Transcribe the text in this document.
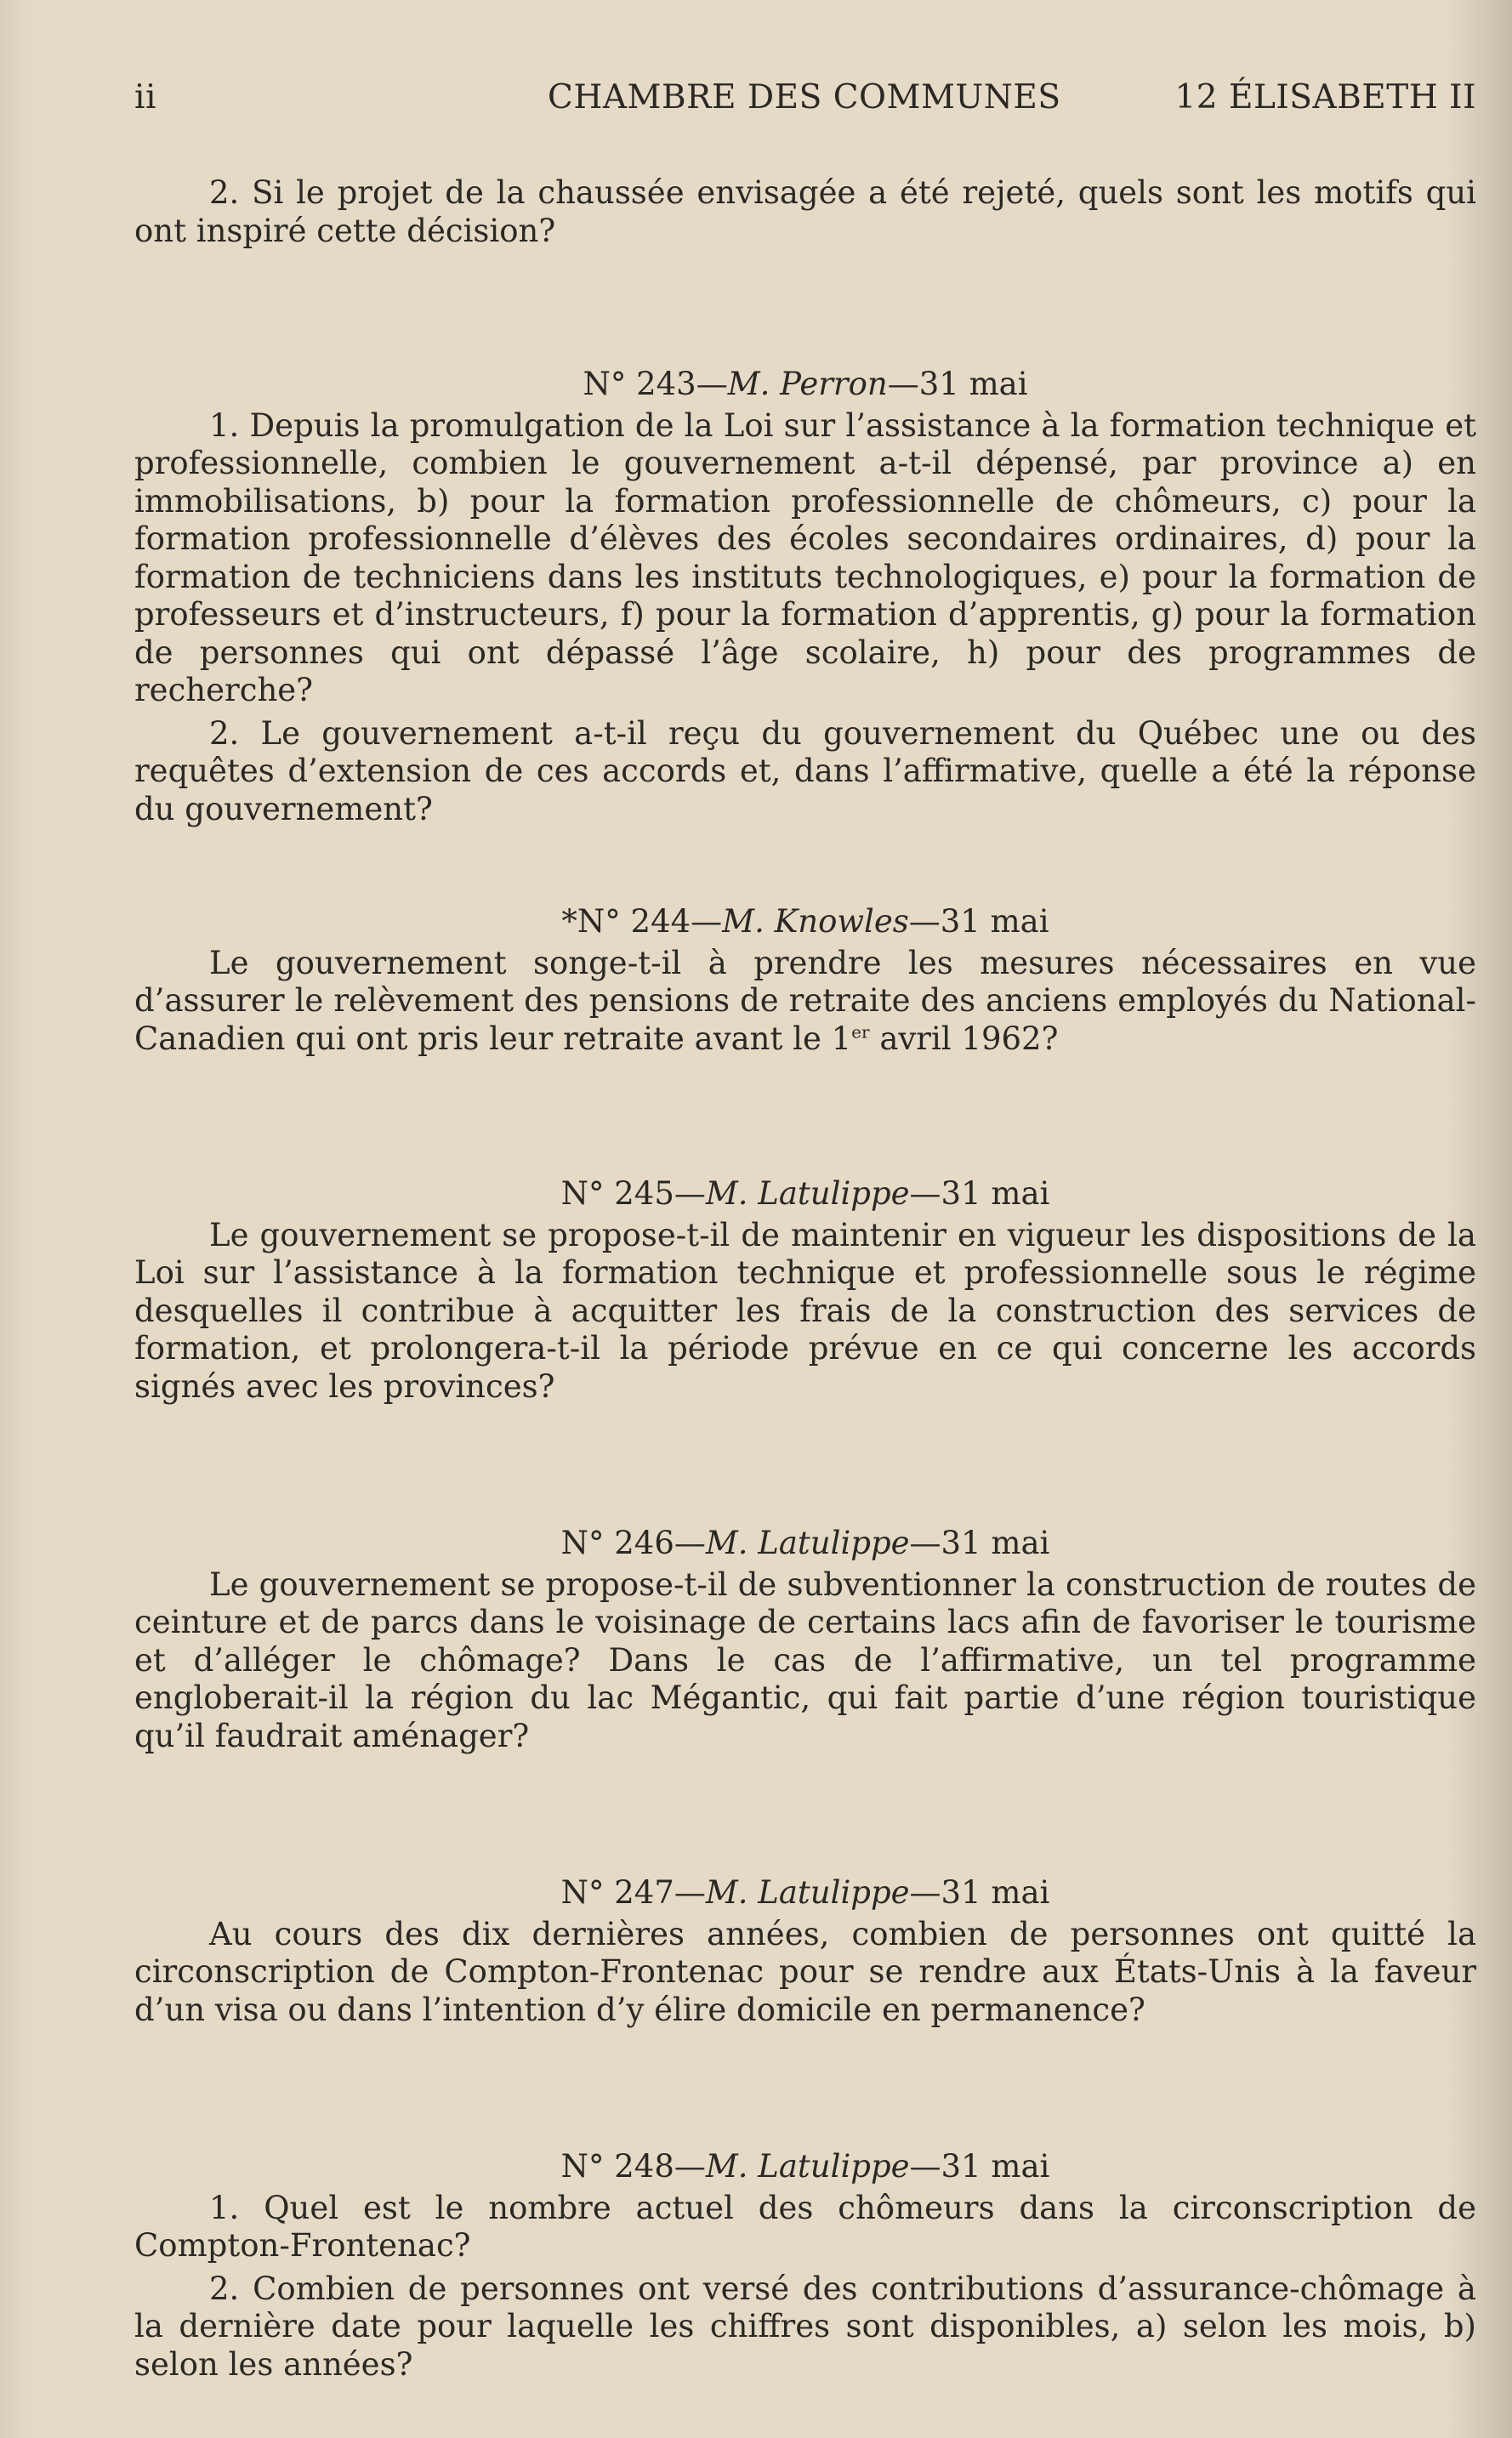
ii	CHAMBRE DES COMMUNES	12 ÉLISABETH II

2. Si le projet de la chaussée envisagée a été rejeté, quels sont les motifs qui ont inspiré cette décision?

N° 243—M. Perron—31 mai

1. Depuis la promulgation de la Loi sur l’assistance à la formation technique et professionnelle, combien le gouvernement a-t-il dépensé, par province a) en immobilisations, b) pour la formation professionnelle de chômeurs, c) pour la formation professionnelle d’élèves des écoles secondaires ordinaires, d) pour la formation de techniciens dans les instituts technologiques, e) pour la formation de professeurs et d’instructeurs, f) pour la formation d’apprentis, g) pour la formation de personnes qui ont dépassé l’âge scolaire, h) pour des programmes de recherche?

2. Le gouvernement a-t-il reçu du gouvernement du Québec une ou des requêtes d’extension de ces accords et, dans l’affirmative, quelle a été la réponse du gouvernement?

*N° 244—M. Knowles—31 mai

Le gouvernement songe-t-il à prendre les mesures nécessaires en vue d’assurer le relèvement des pensions de retraite des anciens employés du National-Canadien qui ont pris leur retraite avant le 1er avril 1962?

N° 245—M. Latulippe—31 mai

Le gouvernement se propose-t-il de maintenir en vigueur les dispositions de la Loi sur l’assistance à la formation technique et professionnelle sous le régime desquelles il contribue à acquitter les frais de la construction des services de formation, et prolongera-t-il la période prévue en ce qui concerne les accords signés avec les provinces?

N° 246—M. Latulippe—31 mai

Le gouvernement se propose-t-il de subventionner la construction de routes de ceinture et de parcs dans le voisinage de certains lacs afin de favoriser le tourisme et d’alléger le chômage? Dans le cas de l’affirmative, un tel programme engloberait-il la région du lac Mégantic, qui fait partie d’une région touristique qu’il faudrait aménager?

N° 247—M. Latulippe—31 mai

Au cours des dix dernières années, combien de personnes ont quitté la circonscription de Compton-Frontenac pour se rendre aux États-Unis à la faveur d’un visa ou dans l’intention d’y élire domicile en permanence?

N° 248—M. Latulippe—31 mai

1. Quel est le nombre actuel des chômeurs dans la circonscription de Compton-Frontenac?

2. Combien de personnes ont versé des contributions d’assurance-chômage à la dernière date pour laquelle les chiffres sont disponibles, a) selon les mois, b) selon les années?
